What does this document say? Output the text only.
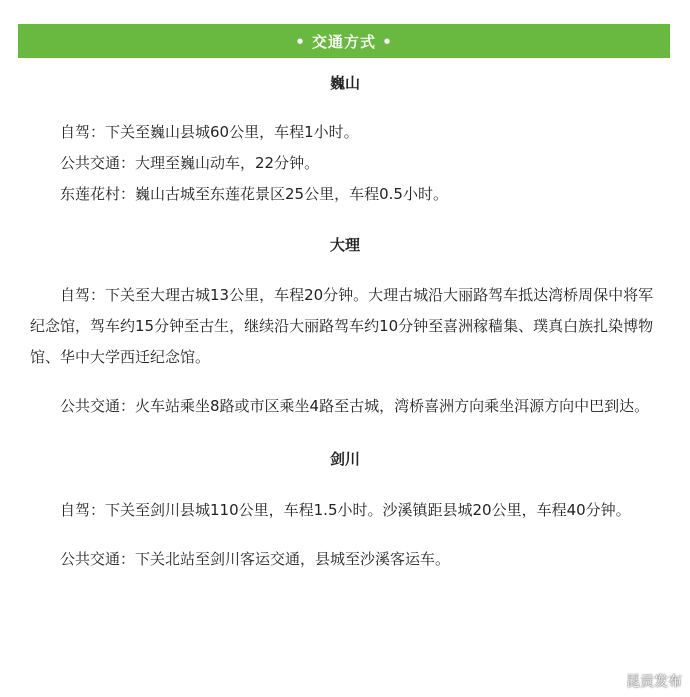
• 交通方式 •
巍山

自驾：下关至巍山县城60公里，车程1小时。

公共交通：大理至巍山动车，22分钟。

东莲花村：巍山古城至东莲花景区25公里，车程0.5小时。

大理

自驾：下关至大理古城13公里，车程20分钟。大理古城沿大丽路驾车抵达湾桥周保中将军纪念馆，驾车约15分钟至古生，继续沿大丽路驾车约10分钟至喜洲稼穑集、璞真白族扎染博物馆、华中大学西迁纪念馆。

公共交通：火车站乘坐8路或市区乘坐4路至古城，湾桥喜洲方向乘坐洱源方向中巴到达。

剑川

自驾：下关至剑川县城110公里，车程1.5小时。沙溪镇距县城20公里，车程40分钟。

公共交通：下关北站至剑川客运交通，县城至沙溪客运车。

昆贡发布
